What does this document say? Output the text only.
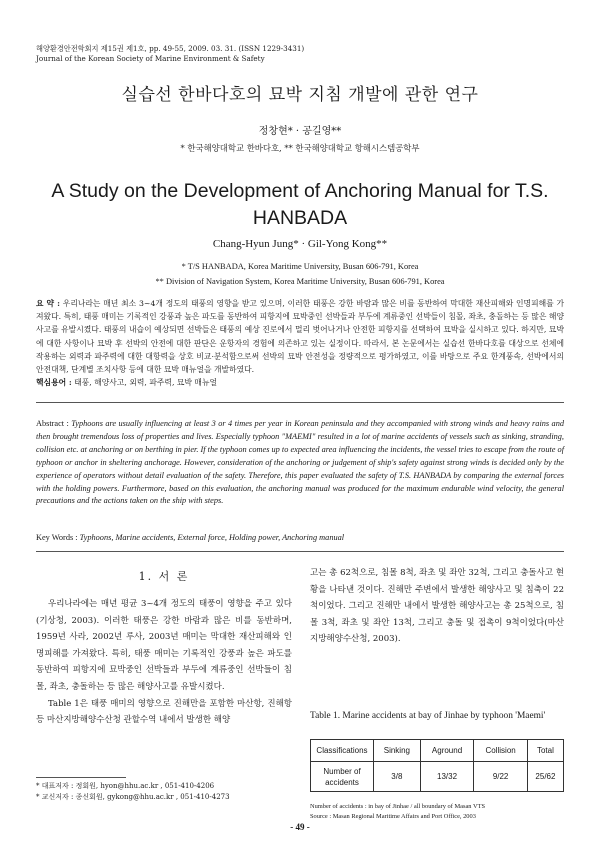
해양환경안전학회지 제15권 제1호, pp. 49-55, 2009. 03. 31. (ISSN 1229-3431)
Journal of the Korean Society of Marine Environment & Safety
실습선 한바다호의 묘박 지침 개발에 관한 연구
정창현* · 공길영**
* 한국해양대학교 한바다호, ** 한국해양대학교 항해시스템공학부
A Study on the Development of Anchoring Manual for T.S. HANBADA
Chang-Hyun Jung* · Gil-Yong Kong**
* T/S HANBADA, Korea Maritime University, Busan 606-791, Korea
** Division of Navigation System, Korea Maritime University, Busan 606-791, Korea
요 약 : 우리나라는 매년 최소 3~4개 정도의 태풍의 영향을 받고 있으며, 이러한 태풍은 강한 바람과 많은 비를 동반하여 막대한 재산피해와 인명피해를 가져왔다. 특히, 태풍 매미는 기록적인 강풍과 높은 파도를 동반하여 피항지에 묘박중인 선박들과 부두에 계류중인 선박들이 침몰, 좌초, 충돌하는 등 많은 해양사고를 유발시켰다. 태풍의 내습이 예상되면 선박들은 태풍의 예상 진로에서 멀리 벗어나거나 안전한 피항지를 선택하여 묘박을 실시하고 있다. 하지만, 묘박에 대한 사항이나 묘박 후 선박의 안전에 대한 판단은 운항자의 경험에 의존하고 있는 실정이다. 따라서, 본 논문에서는 실습선 한바다호를 대상으로 선체에 작용하는 외력과 파주력에 대한 대항력을 상호 비교·분석함으로써 선박의 묘박 안전성을 정량적으로 평가하였고, 이를 바탕으로 주요 한계풍속, 선박에서의 안전대책, 단계별 조치사항 등에 대한 묘박 매뉴얼을 개발하였다.
핵심용어 : 태풍, 해양사고, 외력, 파주력, 묘박 매뉴얼
Abstract : Typhoons are usually influencing at least 3 or 4 times per year in Korean peninsula and they accompanied with strong winds and heavy rains and then brought tremendous loss of properties and lives. Especially typhoon "MAEMI" resulted in a lot of marine accidents of vessels such as sinking, stranding, collision etc. at anchoring or on berthing in pier. If the typhoon comes up to expected area influencing the incidents, the vessel tries to escape from the route of typhoon or anchor in sheltering anchorage. However, consideration of the anchoring or judgement of ship's safety against strong winds is decided only by the experience of operators without detail evaluation of the safety. Therefore, this paper evaluated the safety of T.S. HANBADA by comparing the external forces with the holding powers. Furthermore, based on this evaluation, the anchoring manual was produced for the maximum endurable wind velocity, the general precautions and the actions taken on the ship with steps.
Key Words : Typhoons, Marine accidents, External force, Holding power, Anchoring manual
1. 서 론
우리나라에는 매년 평균 3~4개 정도의 태풍이 영향을 주고 있다(기상청, 2003). 이러한 태풍은 강한 바람과 많은 비를 동반하며, 1959년 사라, 2002년 루사, 2003년 매미는 막대한 재산피해와 인명피해를 가져왔다. 특히, 태풍 매미는 기록적인 강풍과 높은 파도를 동반하여 피항지에 묘박중인 선박들과 부두에 계류중인 선박들이 침몰, 좌초, 충돌하는 등 많은 해양사고를 유발시켰다.
Table 1은 태풍 매미의 영향으로 진해만을 포함한 마산항, 진해항 등 마산지방해양수산청 관할수역 내에서 발생한 해양
고는 총 62척으로, 침몰 8척, 좌초 및 좌안 32척, 그리고 충돌사고 현황을 나타낸 것이다. 진해만 주변에서 발생한 해양사고 및 침축이 22척이었다. 그리고 진해만 내에서 발생한 해양사고는 총 25척으로, 침몰 3척, 좌초 및 좌안 13척, 그리고 충돌 및 접촉이 9척이었다(마산지방해양수산청, 2003).
Table 1. Marine accidents at bay of Jinhae by typhoon 'Maemi'
Classifications	Sinking	Aground	Collision	Total
Number of accidents	3/8	13/32	9/22	25/62
Number of accidents : in bay of Jinhae / all boundary of Masan VTS
Source : Masan Regional Maritime Affairs and Port Office, 2003
* 대표저자 : 정회원, hyon@hhu.ac.kr , 051-410-4206
* 교신저자 : 종신회원, gykong@hhu.ac.kr , 051-410-4273
- 49 -
